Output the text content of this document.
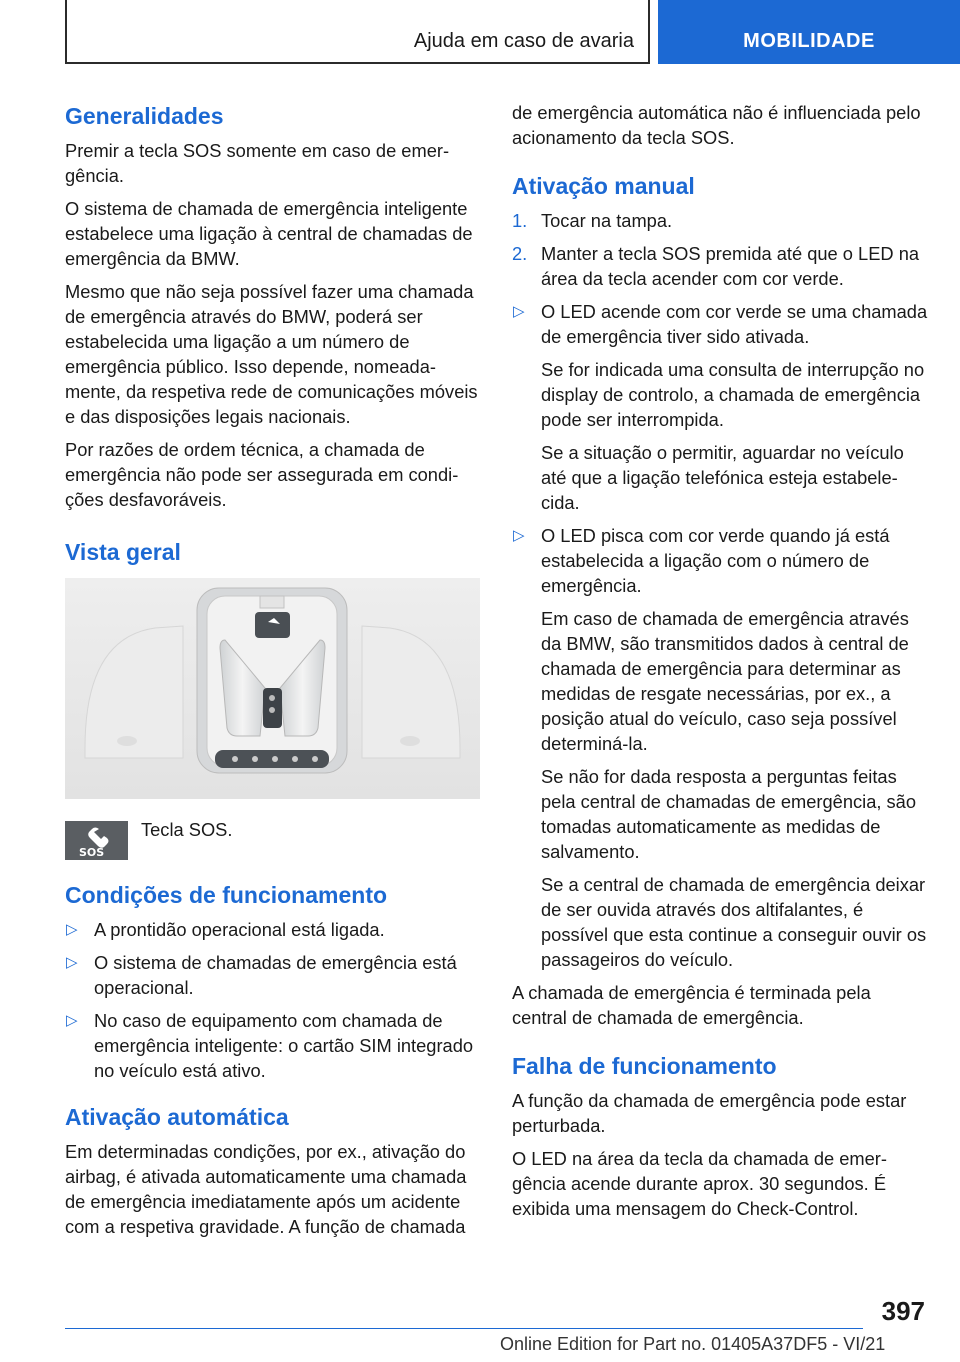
Ajuda em caso de avaria	MOBILIDADE
Generalidades

Premir a tecla SOS somente em caso de emergência.

O sistema de chamada de emergência inteligente estabelece uma ligação à central de chamadas de emergência da BMW.

Mesmo que não seja possível fazer uma chamada de emergência através do BMW, poderá ser estabelecida uma ligação a um número de emergência público. Isso depende, nomeadamente, da respetiva rede de comunicações móveis e das disposições legais nacionais.

Por razões de ordem técnica, a chamada de emergência não pode ser assegurada em condições desfavoráveis.

Vista geral
SOS
Tecla SOS.
Condições de funcionamento
▷ A prontidão operacional está ligada.
▷ O sistema de chamadas de emergência está operacional.
▷ No caso de equipamento com chamada de emergência inteligente: o cartão SIM integrado no veículo está ativo.
Ativação automática

Em determinadas condições, por ex., ativação do airbag, é ativada automaticamente uma chamada de emergência imediatamente após um acidente com a respetiva gravidade. A função de chamada

de emergência automática não é influenciada pelo acionamento da tecla SOS.

Ativação manual
1. Tocar na tampa.
2. Manter a tecla SOS premida até que o LED na área da tecla acender com cor verde.
▷ O LED acende com cor verde se uma chamada de emergência tiver sido ativada.
Se for indicada uma consulta de interrupção no display de controlo, a chamada de emergência pode ser interrompida.
Se a situação o permitir, aguardar no veículo até que a ligação telefónica esteja estabelecida.
▷ O LED pisca com cor verde quando já está estabelecida a ligação com o número de emergência.
Em caso de chamada de emergência através da BMW, são transmitidos dados à central de chamada de emergência para determinar as medidas de resgate necessárias, por ex., a posição atual do veículo, caso seja possível determiná-la.
Se não for dada resposta a perguntas feitas pela central de chamadas de emergência, são tomadas automaticamente as medidas de salvamento.
Se a central de chamada de emergência deixar de ser ouvida através dos altifalantes, é possível que esta continue a conseguir ouvir os passageiros do veículo.

A chamada de emergência é terminada pela central de chamada de emergência.

Falha de funcionamento

A função da chamada de emergência pode estar perturbada.

O LED na área da tecla da chamada de emergência acende durante aprox. 30 segundos. É exibida uma mensagem do Check-Control.

397
Online Edition for Part no. 01405A37DF5 - VI/21
